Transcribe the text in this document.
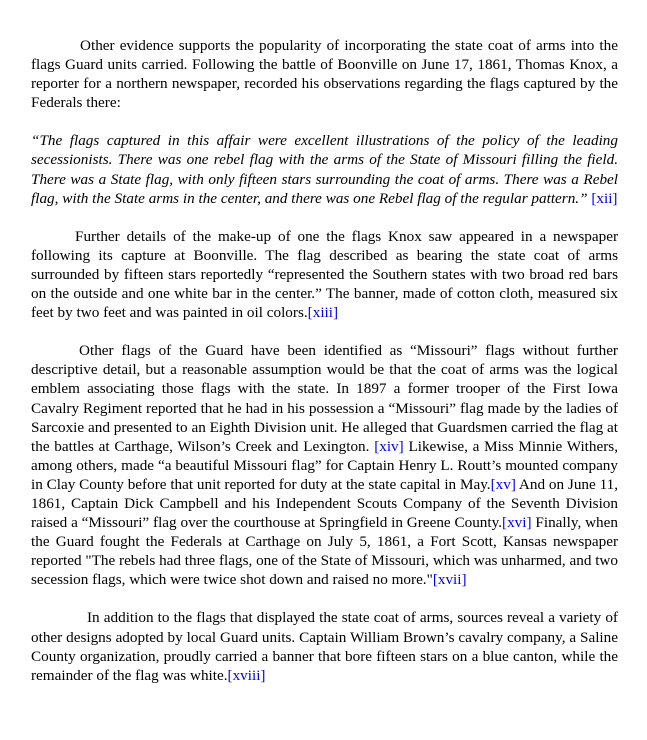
Other evidence supports the popularity of incorporating the state coat of arms into the flags Guard units carried. Following the battle of Boonville on June 17, 1861, Thomas Knox, a reporter for a northern newspaper, recorded his observations regarding the flags captured by the Federals there:

“The flags captured in this affair were excellent illustrations of the policy of the leading secessionists. There was one rebel flag with the arms of the State of Missouri filling the field. There was a State flag, with only fifteen stars surrounding the coat of arms. There was a Rebel flag, with the State arms in the center, and there was one Rebel flag of the regular pattern.” [xii]

Further details of the make-up of one the flags Knox saw appeared in a newspaper following its capture at Boonville. The flag described as bearing the state coat of arms surrounded by fifteen stars reportedly “represented the Southern states with two broad red bars on the outside and one white bar in the center.” The banner, made of cotton cloth, measured six feet by two feet and was painted in oil colors.[xiii]

Other flags of the Guard have been identified as “Missouri” flags without further descriptive detail, but a reasonable assumption would be that the coat of arms was the logical emblem associating those flags with the state. In 1897 a former trooper of the First Iowa Cavalry Regiment reported that he had in his possession a “Missouri” flag made by the ladies of Sarcoxie and presented to an Eighth Division unit. He alleged that Guardsmen carried the flag at the battles at Carthage, Wilson’s Creek and Lexington. [xiv] Likewise, a Miss Minnie Withers, among others, made “a beautiful Missouri flag” for Captain Henry L. Routt’s mounted company in Clay County before that unit reported for duty at the state capital in May.[xv] And on June 11, 1861, Captain Dick Campbell and his Independent Scouts Company of the Seventh Division raised a “Missouri” flag over the courthouse at Springfield in Greene County.[xvi] Finally, when the Guard fought the Federals at Carthage on July 5, 1861, a Fort Scott, Kansas newspaper reported "The rebels had three flags, one of the State of Missouri, which was unharmed, and two secession flags, which were twice shot down and raised no more."[xvii]

In addition to the flags that displayed the state coat of arms, sources reveal a variety of other designs adopted by local Guard units. Captain William Brown’s cavalry company, a Saline County organization, proudly carried a banner that bore fifteen stars on a blue canton, while the remainder of the flag was white.[xviii]
